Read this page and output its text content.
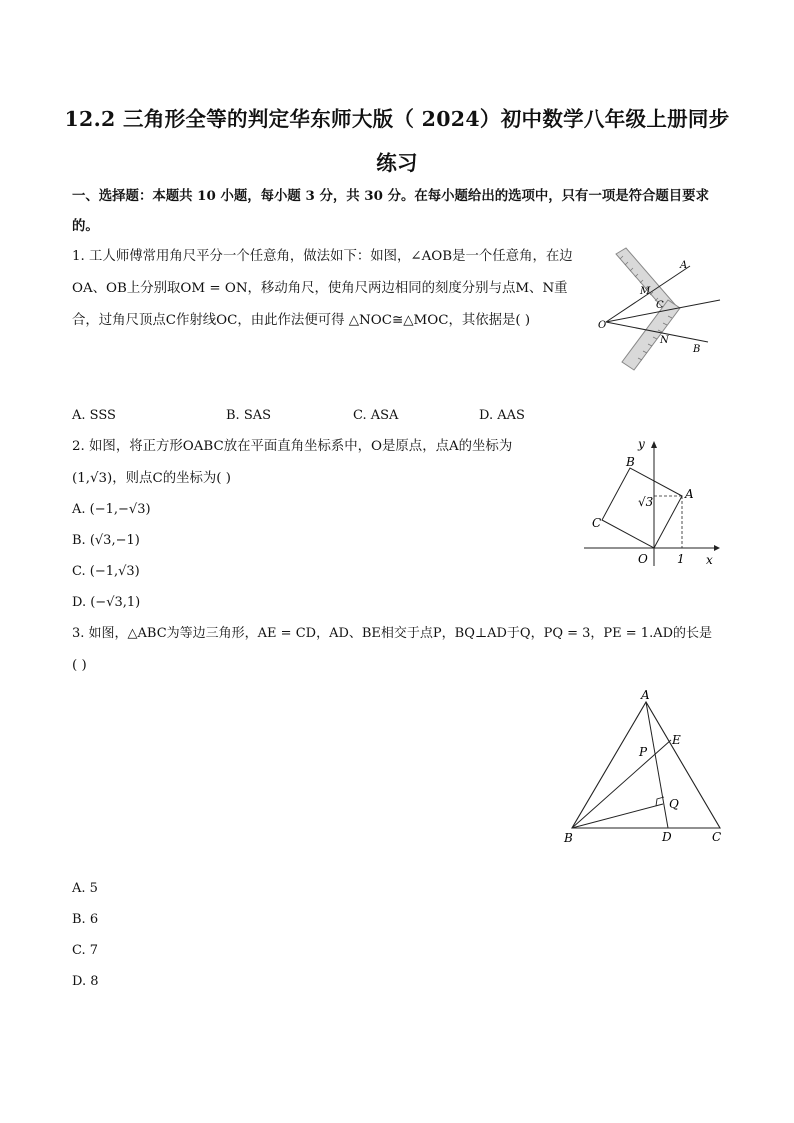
12.2 三角形全等的判定华东师大版（ 2024）初中数学八年级上册同步
练习
一、选择题：本题共 10 小题，每小题 3 分，共 30 分。在每小题给出的选项中，只有一项是符合题目要求
的。
1. 工人师傅常用角尺平分一个任意角，做法如下：如图，∠AOB是一个任意角，在边
OA、OB上分别取OM = ON，移动角尺，使角尺两边相同的刻度分别与点M、N重
合，过角尺顶点C作射线OC，由此作法便可得 △NOC≅△MOC，其依据是( )
A
M
C
O
N
B
A. SSS	B. SAS	C. ASA	D. AAS
2. 如图，将正方形OABC放在平面直角坐标系中，O是原点，点A的坐标为
(1,√3)，则点C的坐标为( )
y
x
B
A
C
O 1
√3
A. (−1,−√3)
B. (√3,−1)
C. (−1,√3)
D. (−√3,1)
3. 如图，△ABC为等边三角形，AE = CD，AD、BE相交于点P，BQ⊥AD于Q，PQ = 3，PE = 1.AD的长是
( )
A
E
P
Q
B	D	C
A. 5
B. 6
C. 7
D. 8
